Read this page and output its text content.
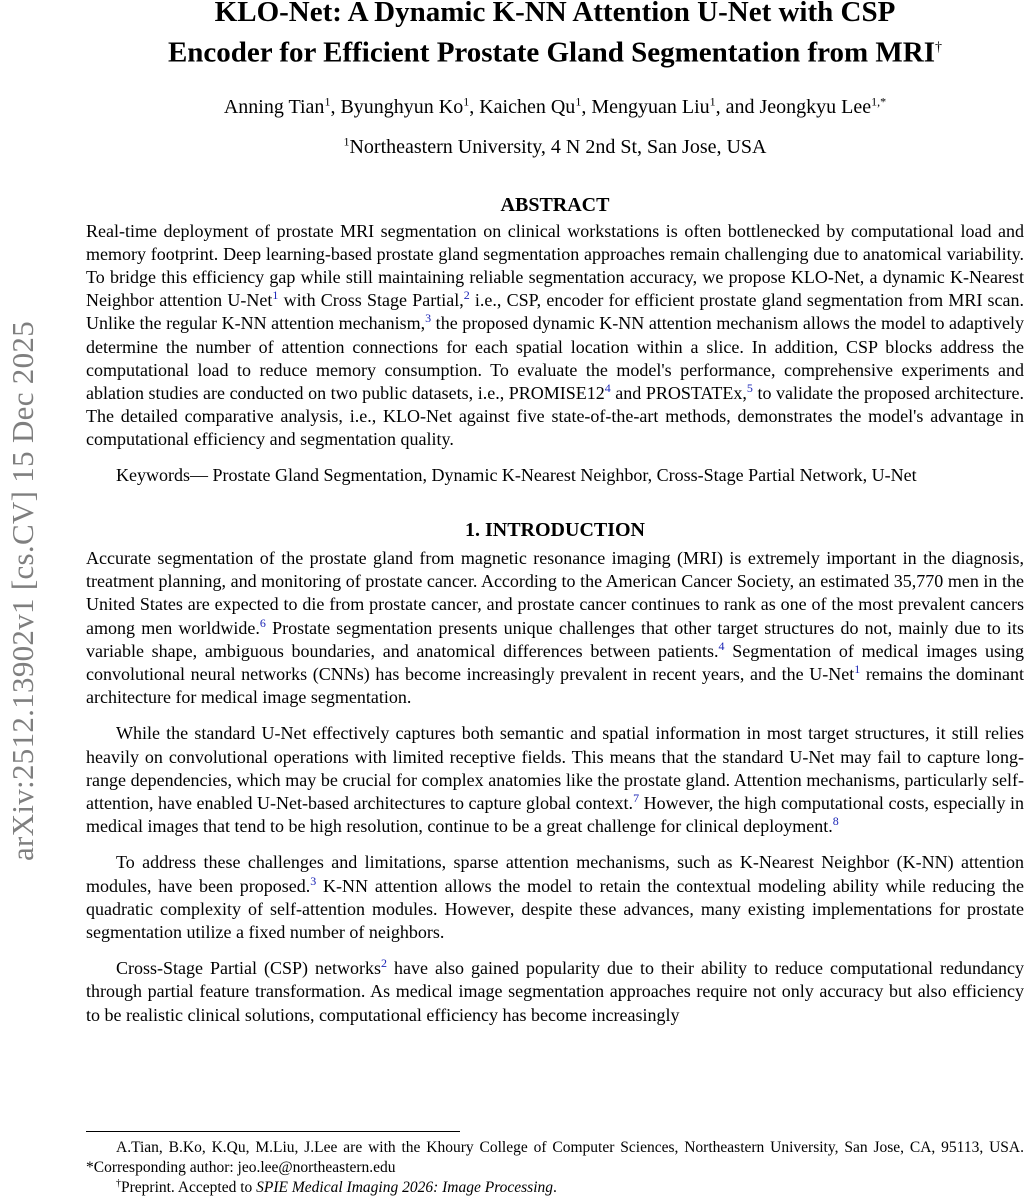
arXiv:2512.13902v1 [cs.CV] 15 Dec 2025
KLO-Net: A Dynamic K-NN Attention U-Net with CSP
Encoder for Efficient Prostate Gland Segmentation from MRI†
Anning Tian$^1$, Byunghyun Ko$^1$, Kaichen Qu$^1$, Mengyuan Liu$^1$, and Jeongkyu Lee$^{1,*}$
$^1$Northeastern University, 4 N 2nd St, San Jose, USA
ABSTRACT

Real-time deployment of prostate MRI segmentation on clinical workstations is often bottlenecked by computational load and memory footprint. Deep learning-based prostate gland segmentation approaches remain challenging due to anatomical variability. To bridge this efficiency gap while still maintaining reliable segmentation accuracy, we propose KLO-Net, a dynamic K-Nearest Neighbor attention U-Net$^1$ with Cross Stage Partial,$^2$ i.e., CSP, encoder for efficient prostate gland segmentation from MRI scan. Unlike the regular K-NN attention mechanism,$^3$ the proposed dynamic K-NN attention mechanism allows the model to adaptively determine the number of attention connections for each spatial location within a slice. In addition, CSP blocks address the computational load to reduce memory consumption. To evaluate the model's performance, comprehensive experiments and ablation studies are conducted on two public datasets, i.e., PROMISE12$^4$ and PROSTATEx,$^5$ to validate the proposed architecture. The detailed comparative analysis, i.e., KLO-Net against five state-of-the-art methods, demonstrates the model's advantage in computational efficiency and segmentation quality.

Keywords— Prostate Gland Segmentation, Dynamic K-Nearest Neighbor, Cross-Stage Partial Network, U-Net

1. INTRODUCTION

Accurate segmentation of the prostate gland from magnetic resonance imaging (MRI) is extremely important in the diagnosis, treatment planning, and monitoring of prostate cancer. According to the American Cancer Society, an estimated 35,770 men in the United States are expected to die from prostate cancer, and prostate cancer continues to rank as one of the most prevalent cancers among men worldwide.$^6$ Prostate segmentation presents unique challenges that other target structures do not, mainly due to its variable shape, ambiguous boundaries, and anatomical differences between patients.$^4$ Segmentation of medical images using convolutional neural networks (CNNs) has become increasingly prevalent in recent years, and the U-Net$^1$ remains the dominant architecture for medical image segmentation.

While the standard U-Net effectively captures both semantic and spatial information in most target structures, it still relies heavily on convolutional operations with limited receptive fields. This means that the standard U-Net may fail to capture long-range dependencies, which may be crucial for complex anatomies like the prostate gland. Attention mechanisms, particularly self-attention, have enabled U-Net-based architectures to capture global context.$^7$ However, the high computational costs, especially in medical images that tend to be high resolution, continue to be a great challenge for clinical deployment.$^8$

To address these challenges and limitations, sparse attention mechanisms, such as K-Nearest Neighbor (K-NN) attention modules, have been proposed.$^3$ K-NN attention allows the model to retain the contextual modeling ability while reducing the quadratic complexity of self-attention modules. However, despite these advances, many existing implementations for prostate segmentation utilize a fixed number of neighbors.

Cross-Stage Partial (CSP) networks$^2$ have also gained popularity due to their ability to reduce computational redundancy through partial feature transformation. As medical image segmentation approaches require not only accuracy but also efficiency to be realistic clinical solutions, computational efficiency has become increasingly

A.Tian, B.Ko, K.Qu, M.Liu, J.Lee are with the Khoury College of Computer Sciences, Northeastern University, San Jose, CA, 95113, USA. *Corresponding author: jeo.lee@northeastern.edu
†Preprint. Accepted to SPIE Medical Imaging 2026: Image Processing.
